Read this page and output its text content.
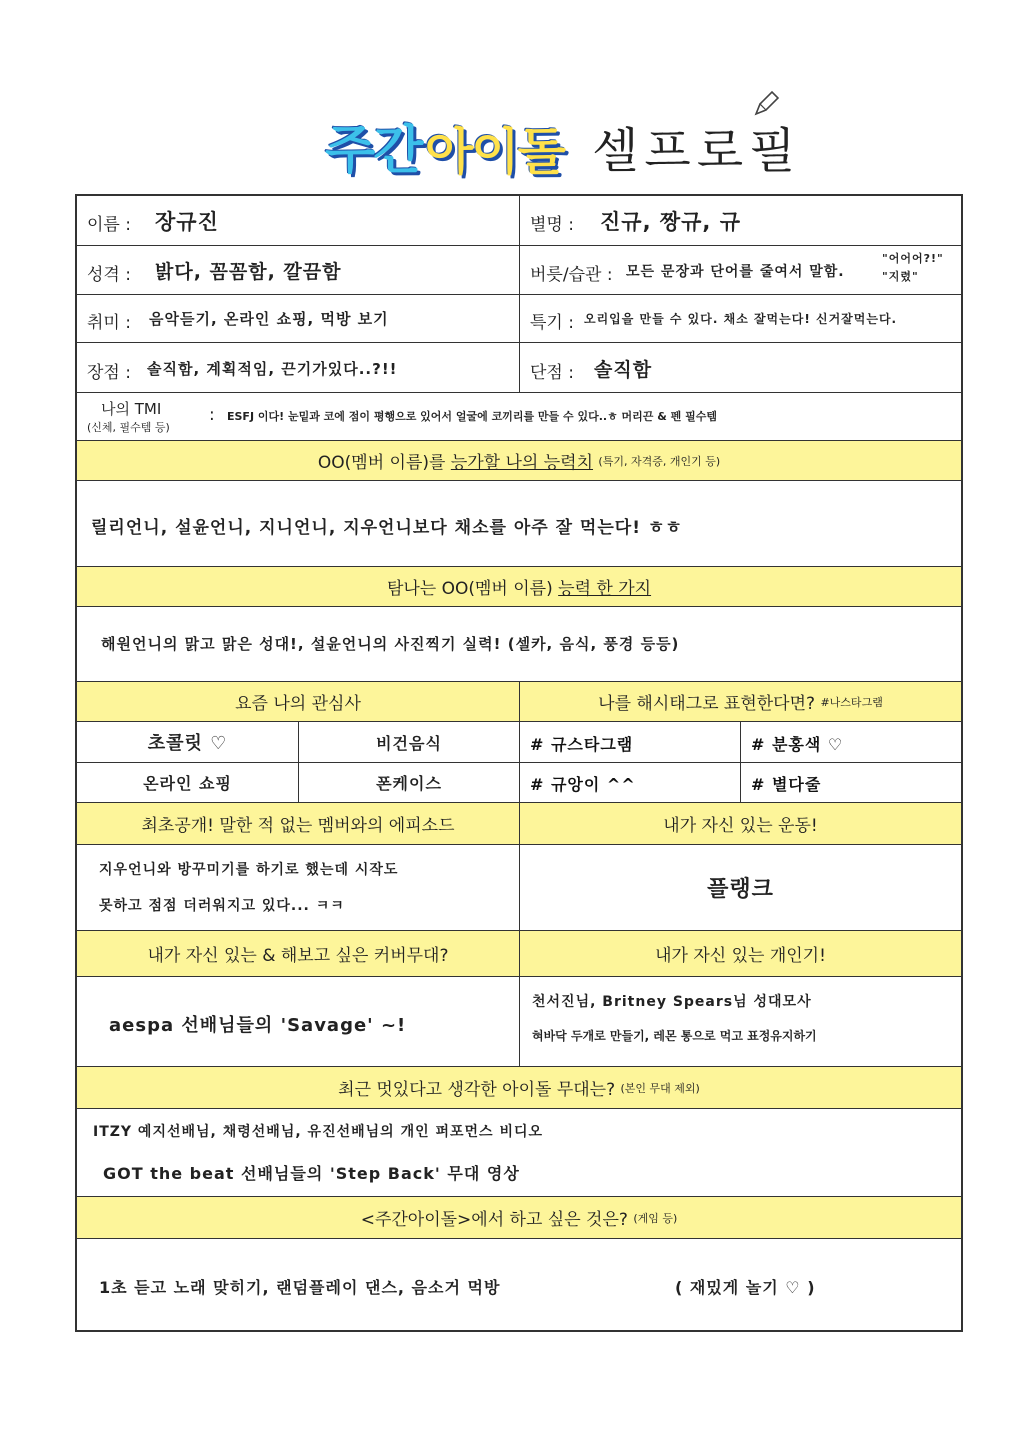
주간 아이돌 셀프로필
이름 : 장규진	별명 : 진규, 짱규, 규
성격 : 밝다, 꼼꼼함, 깔끔함	버릇/습관 : 모든 문장과 단어를 줄여서 말함.
"어어어?!" "지렸"
취미 : 음악듣기, 온라인 쇼핑, 먹방 보기	특기 : 오리입을 만들 수 있다. 채소 잘먹는다! 신거잘먹는다.
장점 : 솔직함, 계획적임, 끈기가있다..?!!	단점 : 솔직함
나의 TMI
(신체, 필수템 등)
: ESFJ 이다! 눈밑과 코에 점이 평행으로 있어서 얼굴에 코끼리를 만들 수 있다..ㅎ 머리끈 & 펜 필수템
OO(멤버 이름)를
능가할 나의 능력치
(특기, 자격증, 개인기 등)
릴리언니, 설윤언니, 지니언니, 지우언니보다 채소를 아주 잘 먹는다! ㅎㅎ
탐나는 OO(멤버 이름)
능력 한 가지
해원언니의 맑고 맑은 성대!, 설윤언니의 사진찍기 실력! (셀카, 음식, 풍경 등등)
요즘 나의 관심사	나를 해시태그로 표현한다면?
#나스타그램
초콜릿 ♡	비건음식	# 규스타그램	# 분홍색 ♡
온라인 쇼핑	폰케이스	# 규앙이 ^^	# 별다줄
최초공개! 말한 적 없는 멤버와의 에피소드	내가 자신 있는 운동!
지우언니와 방꾸미기를 하기로 했는데 시작도
못하고 점점 더러워지고 있다... ㅋㅋ
플랭크
내가 자신 있는 & 해보고 싶은 커버무대?	내가 자신 있는 개인기!
aespa 선배님들의 'Savage' ~!
천서진님, Britney Spears님 성대모사
혀바닥 두개로 만들기, 레몬 통으로 먹고 표정유지하기
최근 멋있다고 생각한 아이돌 무대는?
(본인 무대 제외)
ITZY 예지선배님, 채령선배님, 유진선배님의 개인 퍼포먼스 비디오
GOT the beat 선배님들의 'Step Back' 무대 영상
<주간아이돌>에서 하고 싶은 것은?
(게임 등)
1초 듣고 노래 맞히기, 랜덤플레이 댄스, 음소거 먹방	( 재밌게 놀기 ♡ )
